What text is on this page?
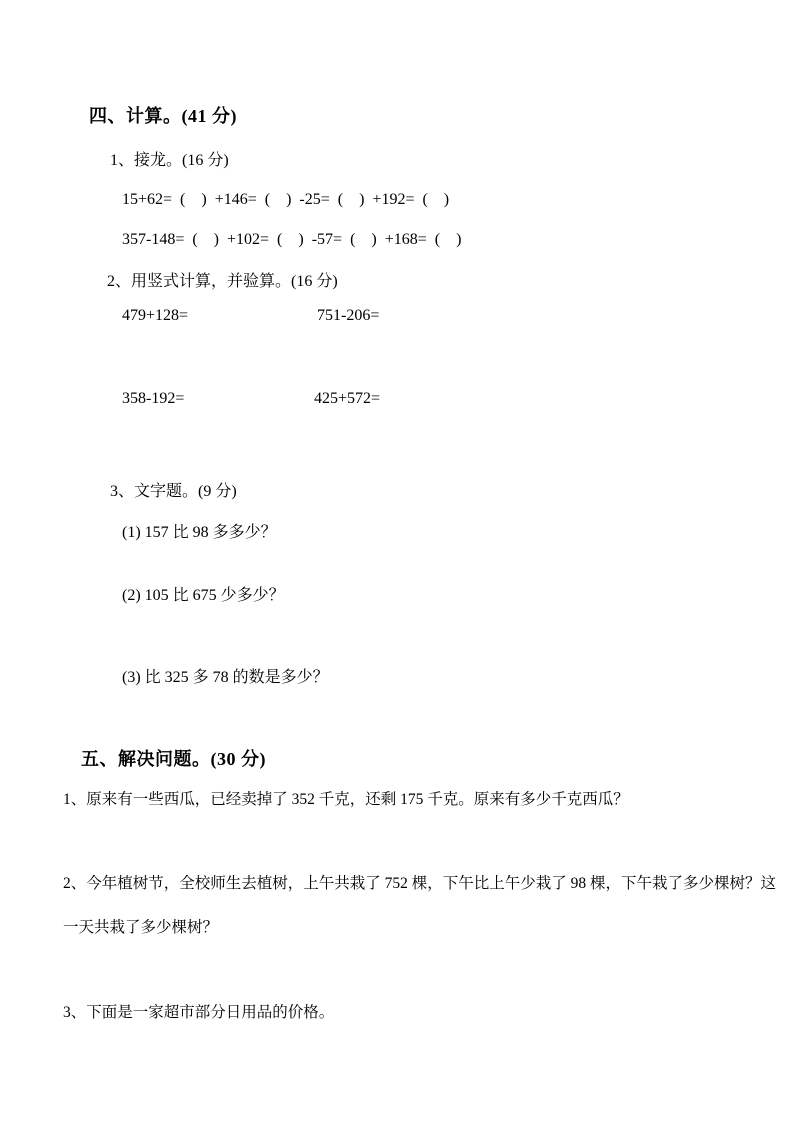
四、计算。(41 分)
1、接龙。(16 分)
15+62=  (    )  +146=  (    )  -25=  (    )  +192=  (    )
357-148=  (    )  +102=  (    )  -57=  (    )  +168=  (    )
2、用竖式计算，并验算。(16 分)
479+128=	751-206=
358-192=	425+572=
3、文字题。(9 分)
(1) 157 比 98 多多少？
(2) 105 比 675 少多少？
(3) 比 325 多 78 的数是多少？
五、解决问题。(30 分)
1、原来有一些西瓜，已经卖掉了 352 千克，还剩 175 千克。原来有多少千克西瓜？
2、今年植树节，全校师生去植树，上午共栽了 752 棵，下午比上午少栽了 98 棵，下午栽了多少棵树？这
一天共栽了多少棵树？
3、下面是一家超市部分日用品的价格。
